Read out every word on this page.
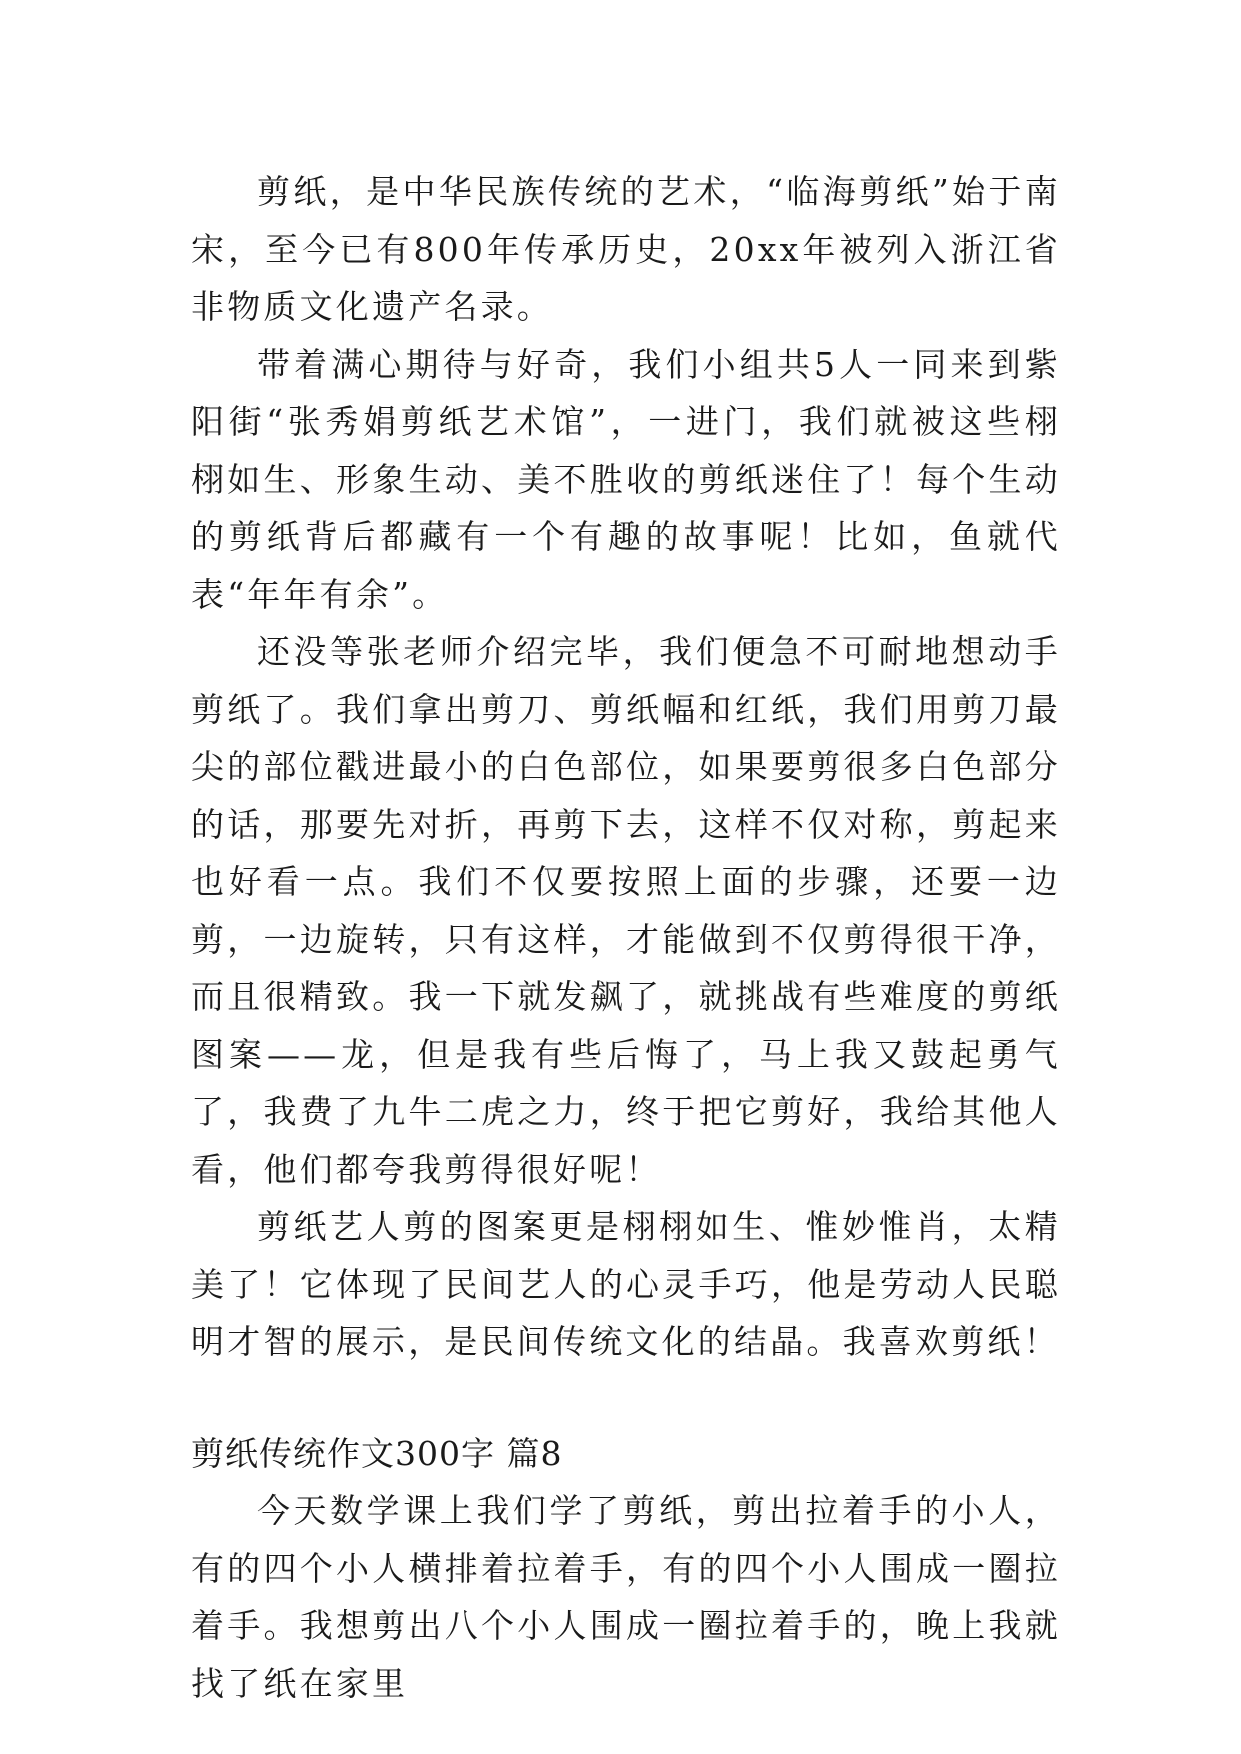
剪纸，是中华民族传统的艺术，“临海剪纸”始于南宋，至今已有800年传承历史，20xx年被列入浙江省非物质文化遗产名录。

带着满心期待与好奇，我们小组共5人一同来到紫阳街“张秀娟剪纸艺术馆”，一进门，我们就被这些栩栩如生、形象生动、美不胜收的剪纸迷住了！每个生动的剪纸背后都藏有一个有趣的故事呢！比如，鱼就代表“年年有余”。

还没等张老师介绍完毕，我们便急不可耐地想动手剪纸了。我们拿出剪刀、剪纸幅和红纸，我们用剪刀最尖的部位戳进最小的白色部位，如果要剪很多白色部分的话，那要先对折，再剪下去，这样不仅对称，剪起来也好看一点。我们不仅要按照上面的步骤，还要一边剪，一边旋转，只有这样，才能做到不仅剪得很干净，而且很精致。我一下就发飙了，就挑战有些难度的剪纸图案——龙，但是我有些后悔了，马上我又鼓起勇气了，我费了九牛二虎之力，终于把它剪好，我给其他人看，他们都夸我剪得很好呢！

剪纸艺人剪的图案更是栩栩如生、惟妙惟肖，太精美了！它体现了民间艺人的心灵手巧，他是劳动人民聪明才智的展示，是民间传统文化的结晶。我喜欢剪纸！

剪纸传统作文300字 篇8

今天数学课上我们学了剪纸，剪出拉着手的小人，有的四个小人横排着拉着手，有的四个小人围成一圈拉着手。我想剪出八个小人围成一圈拉着手的，晚上我就找了纸在家里
